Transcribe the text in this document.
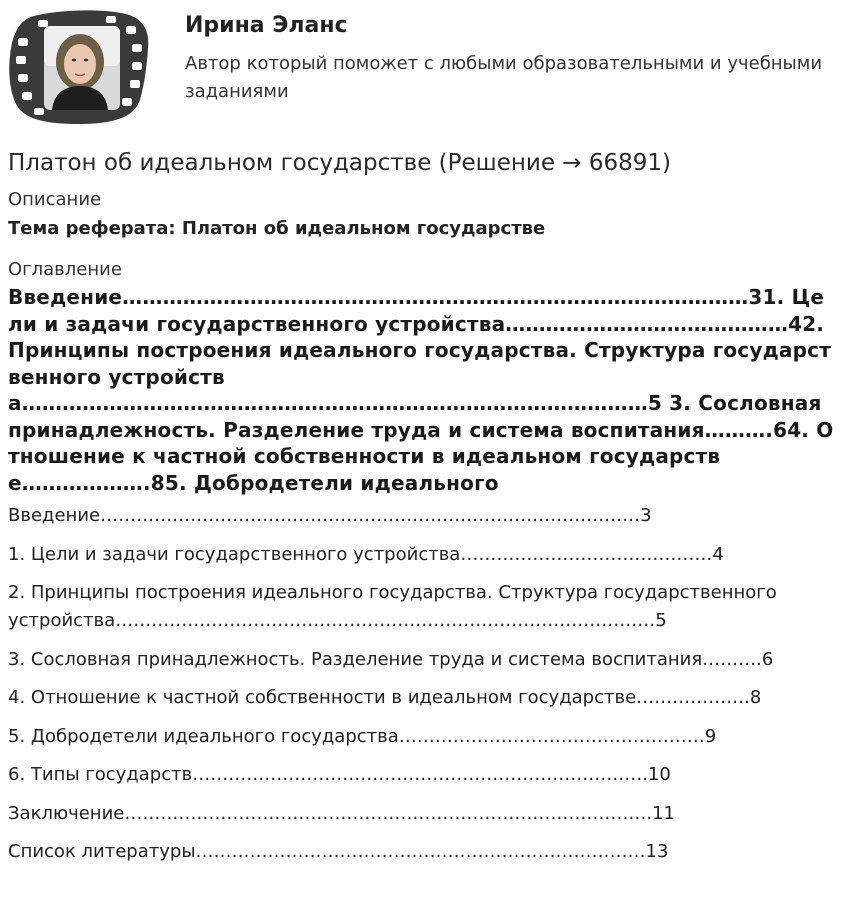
Ирина Эланс
Автор который поможет с любыми образовательными и учебными заданиями
Платон об идеальном государстве (Решение → 66891)
Описание
Тема реферата: Платон об идеальном государстве
Оглавление
Введение…………………………………………………………………………………31. Цели и задачи государственного устройства……………………………………42. Принципы построения идеального государства. Структура государственного устройства…………………………………………………………………………………5 3. Сословная принадлежность. Разделение труда и система воспитания……….64. Отношение к частной собственности в идеальном государстве……………….85. Добродетели идеального
Введение………………………………………………………………………………3
1. Цели и задачи государственного устройства……………………………………4
2. Принципы построения идеального государства. Структура государственного устройства………………………………………………………………………………5
3. Сословная принадлежность. Разделение труда и система воспитания……….6
4. Отношение к частной собственности в идеальном государстве……………….8
5. Добродетели идеального государства……………………………………………9
6. Типы государств………………………………………………………………….10
Заключение…………………………………………………………………………….11
Список литературы…………………………………………………………………13
